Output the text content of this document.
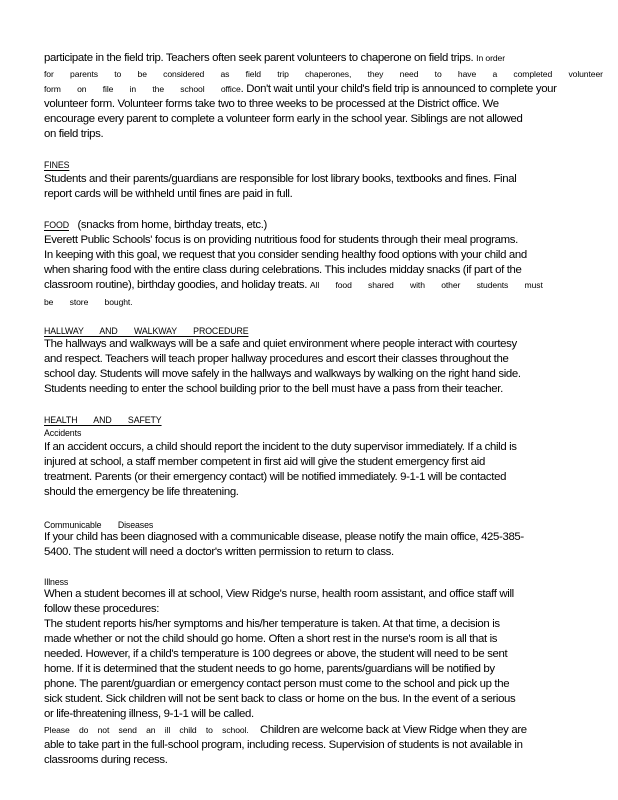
participate in the field trip. Teachers often seek parent volunteers to chaperone on field trips. In order
for parents to be considered as field trip chaperones, they need to have a completed volunteer
form on file in the school office. Don't wait until your child's field trip is announced to complete your
volunteer form. Volunteer forms take two to three weeks to be processed at the District office. We
encourage every parent to complete a volunteer form early in the school year. Siblings are not allowed
on field trips.
FINES
Students and their parents/guardians are responsible for lost library books, textbooks and fines. Final
report cards will be withheld until fines are paid in full.
FOOD (snacks from home, birthday treats, etc.)
Everett Public Schools' focus is on providing nutritious food for students through their meal programs.
In keeping with this goal, we request that you consider sending healthy food options with your child and
when sharing food with the entire class during celebrations. This includes midday snacks (if part of the
classroom routine), birthday goodies, and holiday treats. All food shared with other students must
be store bought.
HALLWAY AND WALKWAY PROCEDURE
The hallways and walkways will be a safe and quiet environment where people interact with courtesy
and respect. Teachers will teach proper hallway procedures and escort their classes throughout the
school day. Students will move safely in the hallways and walkways by walking on the right hand side.
Students needing to enter the school building prior to the bell must have a pass from their teacher.
HEALTH AND SAFETY
Accidents
If an accident occurs, a child should report the incident to the duty supervisor immediately. If a child is
injured at school, a staff member competent in first aid will give the student emergency first aid
treatment. Parents (or their emergency contact) will be notified immediately. 9-1-1 will be contacted
should the emergency be life threatening.
Communicable Diseases
If your child has been diagnosed with a communicable disease, please notify the main office, 425-385-
5400. The student will need a doctor's written permission to return to class.
Illness
When a student becomes ill at school, View Ridge's nurse, health room assistant, and office staff will
follow these procedures:
The student reports his/her symptoms and his/her temperature is taken. At that time, a decision is
made whether or not the child should go home. Often a short rest in the nurse's room is all that is
needed. However, if a child's temperature is 100 degrees or above, the student will need to be sent
home. If it is determined that the student needs to go home, parents/guardians will be notified by
phone. The parent/guardian or emergency contact person must come to the school and pick up the
sick student. Sick children will not be sent back to class or home on the bus. In the event of a serious
or life-threatening illness, 9-1-1 will be called.
Please do not send an ill child to school. Children are welcome back at View Ridge when they are
able to take part in the full-school program, including recess. Supervision of students is not available in
classrooms during recess.
